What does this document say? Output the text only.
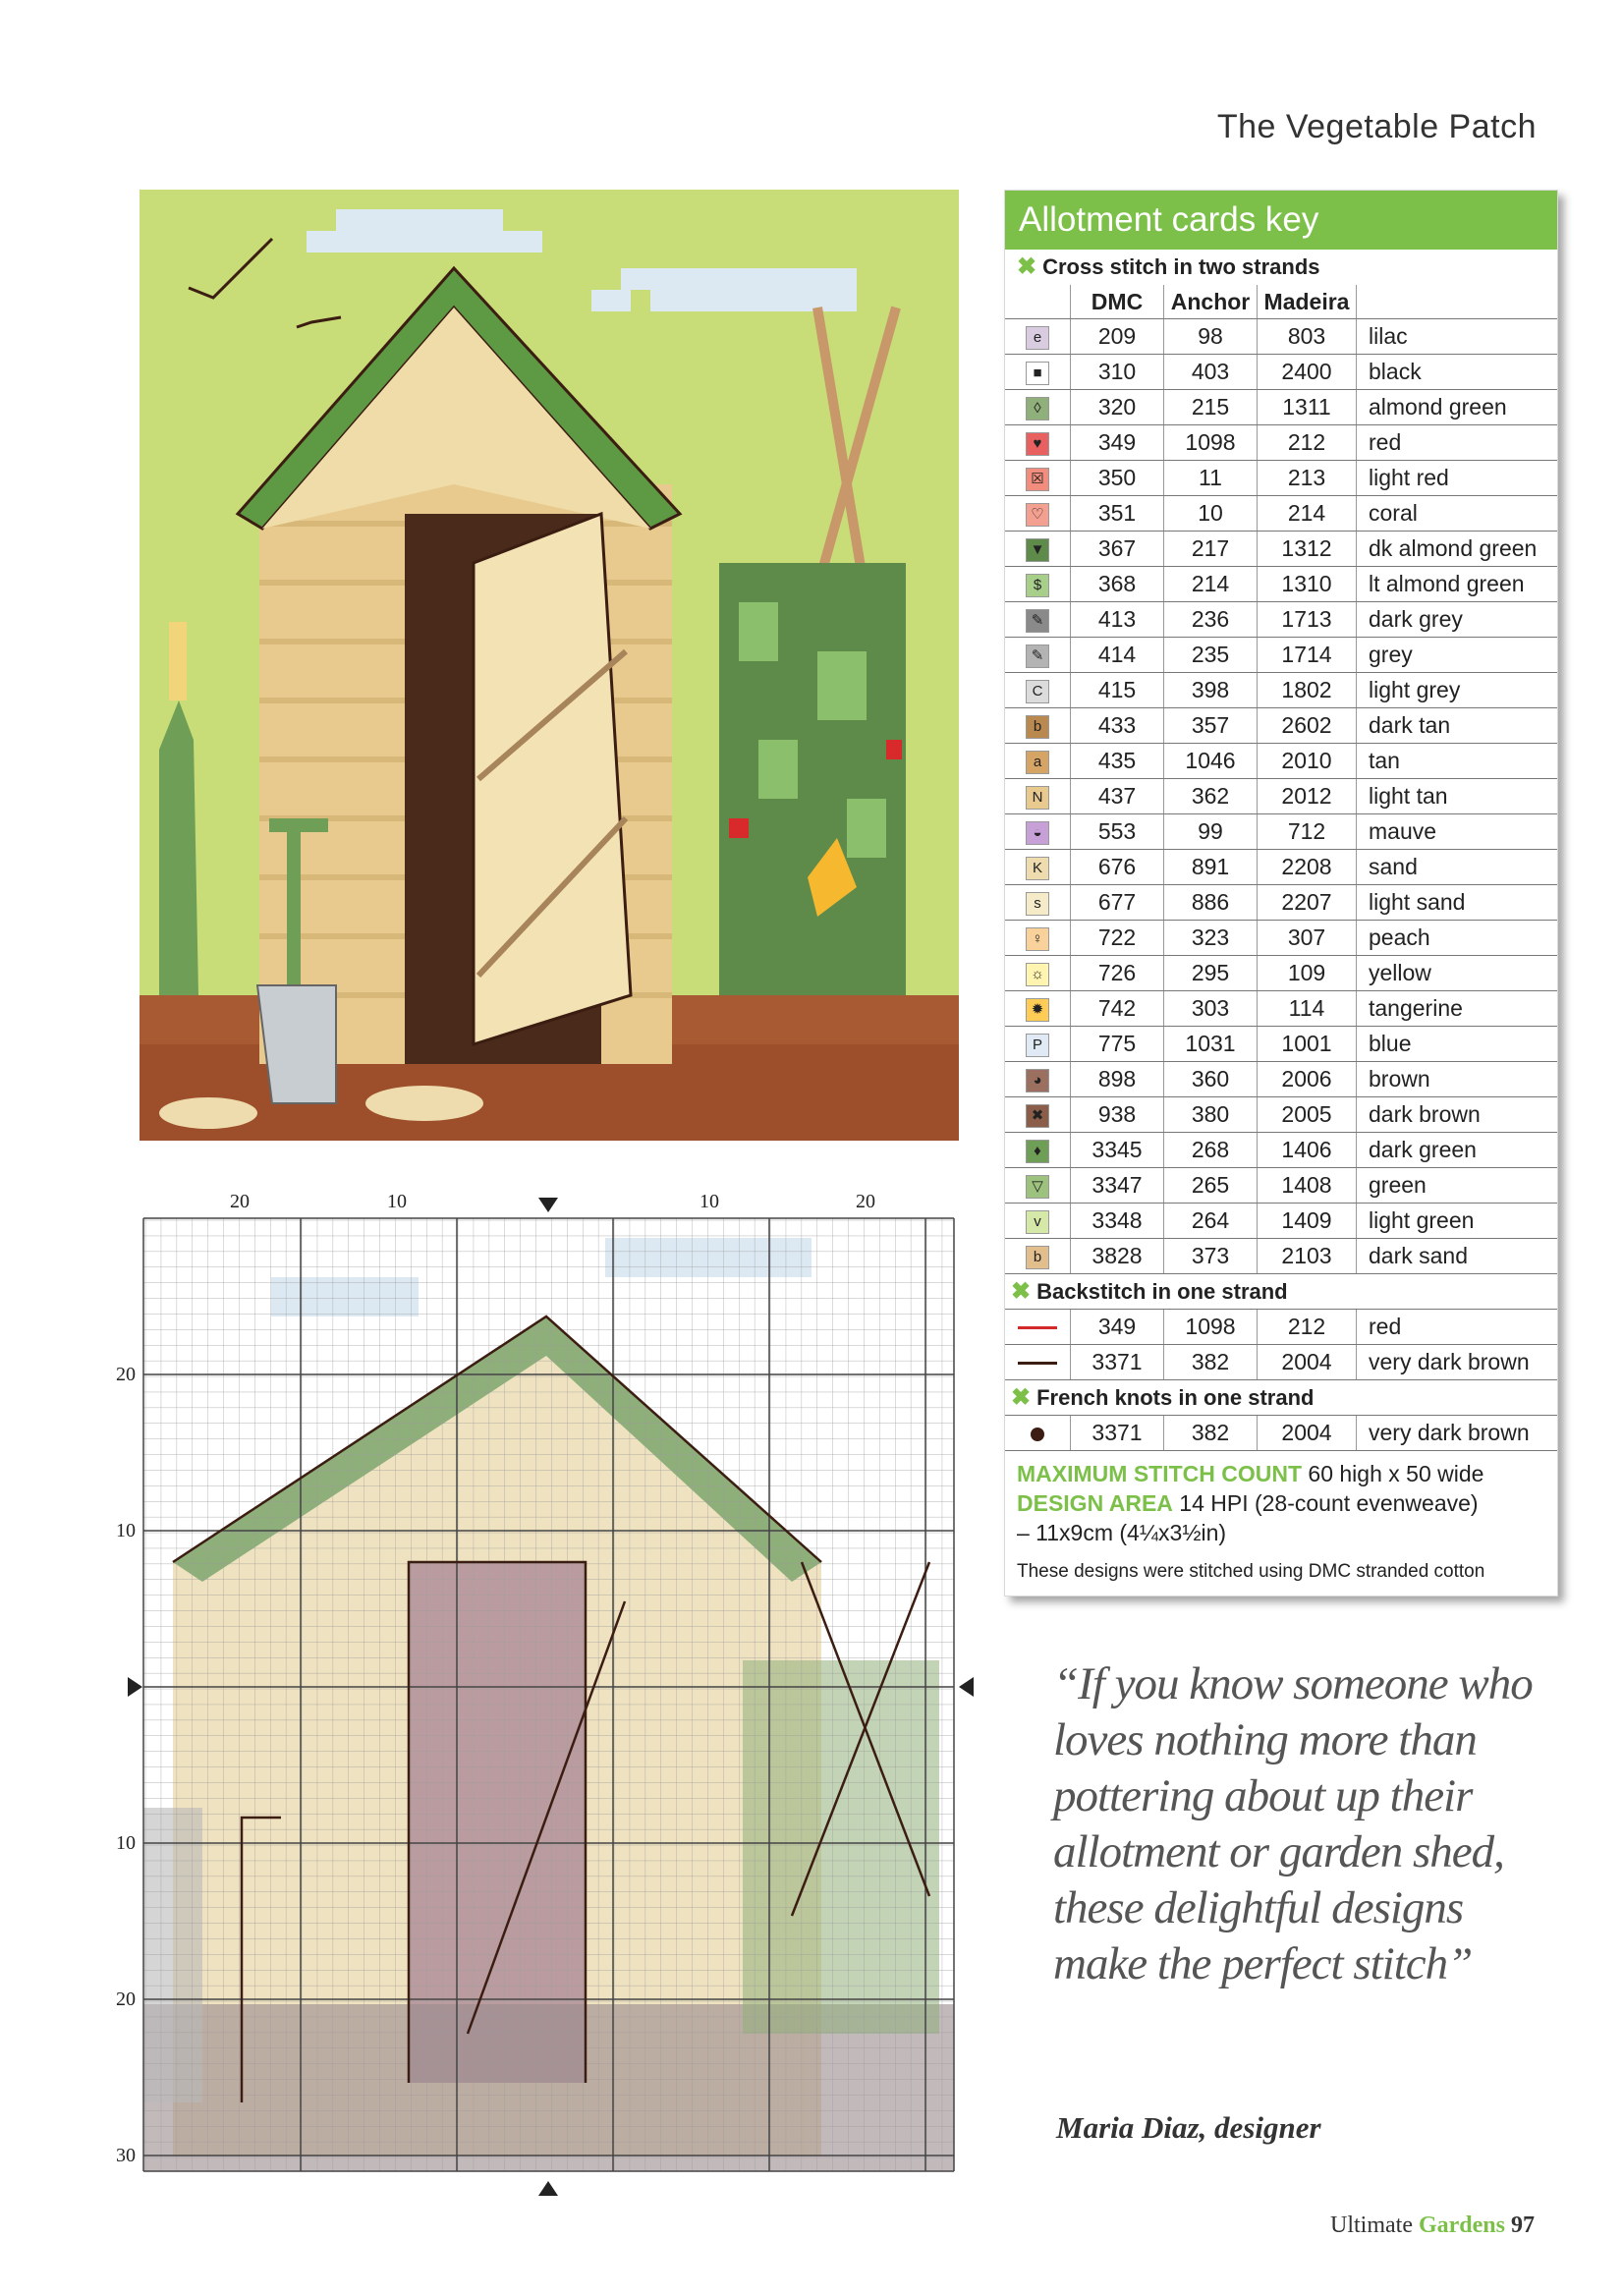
The Vegetable Patch
20	10	10	20
20
10
10
20
30
Allotment cards key
✖ Cross stitch in two strands
	DMC	Anchor	Madeira	
e	209	98	803	lilac
■	310	403	2400	black
◊	320	215	1311	almond green
♥	349	1098	212	red
☒	350	11	213	light red
♡	351	10	214	coral
▼	367	217	1312	dk almond green
$	368	214	1310	lt almond green
✎	413	236	1713	dark grey
✎	414	235	1714	grey
C	415	398	1802	light grey
b	433	357	2602	dark tan
a	435	1046	2010	tan
N	437	362	2012	light tan
◒	553	99	712	mauve
K	676	891	2208	sand
s	677	886	2207	light sand
♀	722	323	307	peach
☼	726	295	109	yellow
✹	742	303	114	tangerine
P	775	1031	1001	blue
◕	898	360	2006	brown
✖	938	380	2005	dark brown
♦	3345	268	1406	dark green
▽	3347	265	1408	green
v	3348	264	1409	light green
b	3828	373	2103	dark sand

✖ Backstitch in one strand				

	349	1098	212	red
	3371	382	2004	very dark brown

✖ French knots in one strand				

	3371	382	2004	very dark brown
MAXIMUM STITCH COUNT 60 high x 50 wide
DESIGN AREA 14 HPI (28-count evenweave)
– 11x9cm (4¼x3½in)
These designs were stitched using DMC stranded cotton
“If you know someone who loves nothing more than pottering about up their allotment or garden shed, these delightful designs make the perfect stitch”
Maria Diaz, designer
Ultimate Gardens 97
